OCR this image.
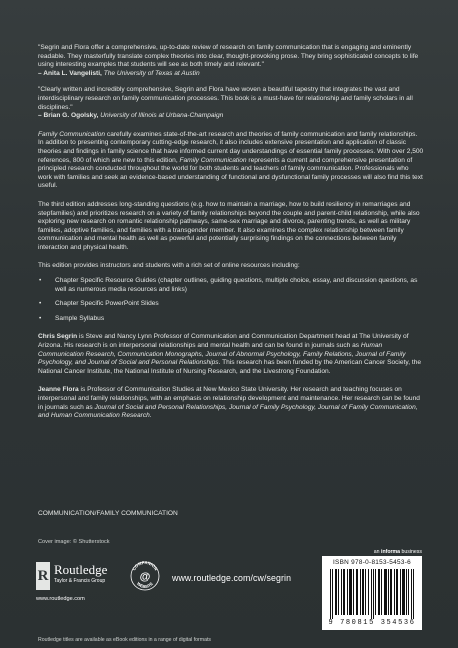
"Segrin and Flora offer a comprehensive, up-to-date review of research on family communication that is engaging and eminently readable. They masterfully translate complex theories into clear, thought-provoking prose. They bring sophisticated concepts to life using interesting examples that students will see as both timely and relevant."

– Anita L. Vangelisti, The University of Texas at Austin

"Clearly written and incredibly comprehensive, Segrin and Flora have woven a beautiful tapestry that integrates the vast and interdisciplinary research on family communication processes. This book is a must-have for relationship and family scholars in all disciplines."

– Brian G. Ogolsky, University of Illinois at Urbana-Champaign

Family Communication carefully examines state-of-the-art research and theories of family communication and family relationships. In addition to presenting contemporary cutting-edge research, it also includes extensive presentation and application of classic theories and findings in family science that have informed current day understandings of essential family processes. With over 2,500 references, 800 of which are new to this edition, Family Communication represents a current and comprehensive presentation of principled research conducted throughout the world for both students and teachers of family communication. Professionals who work with families and seek an evidence-based understanding of functional and dysfunctional family processes will also find this text useful.

The third edition addresses long-standing questions (e.g. how to maintain a marriage, how to build resiliency in remarriages and stepfamilies) and prioritizes research on a variety of family relationships beyond the couple and parent-child relationship, while also exploring new research on romantic relationship pathways, same-sex marriage and divorce, parenting trends, as well as military families, adoptive families, and families with a transgender member. It also examines the complex relationship between family communication and mental health as well as powerful and potentially surprising findings on the connections between family interaction and physical health.

This edition provides instructors and students with a rich set of online resources including:

• Chapter Specific Resource Guides (chapter outlines, guiding questions, multiple choice, essay, and discussion questions, as well as numerous media resources and links)
• Chapter Specific PowerPoint Slides
• Sample Syllabus

Chris Segrin is Steve and Nancy Lynn Professor of Communication and Communication Department head at The University of Arizona. His research is on interpersonal relationships and mental health and can be found in journals such as Human Communication Research, Communication Monographs, Journal of Abnormal Psychology, Family Relations, Journal of Family Psychology, and Journal of Social and Personal Relationships. This research has been funded by the American Cancer Society, the National Cancer Institute, the National Institute of Nursing Research, and the Livestrong Foundation.

Jeanne Flora is Professor of Communication Studies at New Mexico State University. Her research and teaching focuses on interpersonal and family relationships, with an emphasis on relationship development and maintenance. Her research can be found in journals such as Journal of Social and Personal Relationships, Journal of Family Psychology, Journal of Family Communication, and Human Communication Research.

COMMUNICATION/FAMILY COMMUNICATION
Cover image: © Shutterstock
R Routledge
Taylor & Francis Group
www.routledge.com
COMPANION
@
WEBSITE
www.routledge.com/cw/segrin
an informa business
ISBN 978-0-8153-5453-6
9 780815 354536
Routledge titles are available as eBook editions in a range of digital formats
